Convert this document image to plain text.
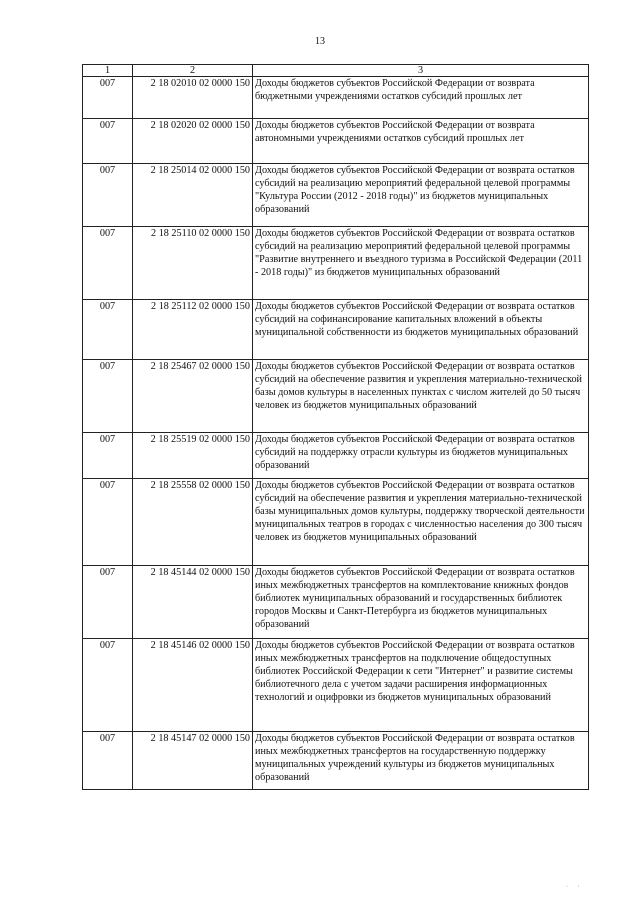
13
1	2	3
007	2 18 02010 02 0000 150	Доходы бюджетов субъектов Российской Федерации от возврата бюджетными учреждениями остатков субсидий прошлых лет
007	2 18 02020 02 0000 150	Доходы бюджетов субъектов Российской Федерации от возврата автономными учреждениями остатков субсидий прошлых лет
007	2 18 25014 02 0000 150	Доходы бюджетов субъектов Российской Федерации от возврата остатков субсидий на реализацию мероприятий федеральной целевой программы "Культура России (2012 - 2018 годы)" из бюджетов муниципальных образований
007	2 18 25110 02 0000 150	Доходы бюджетов субъектов Российской Федерации от возврата остатков субсидий на реализацию мероприятий федеральной целевой программы "Развитие внутреннего и въездного туризма в Российской Федерации (2011 - 2018 годы)" из бюджетов муниципальных образований
007	2 18 25112 02 0000 150	Доходы бюджетов субъектов Российской Федерации от возврата остатков субсидий на софинансирование капитальных вложений в объекты муниципальной собственности из бюджетов муниципальных образований
007	2 18 25467 02 0000 150	Доходы бюджетов субъектов Российской Федерации от возврата остатков субсидий на обеспечение развития и укрепления материально-технической базы домов культуры в населенных пунктах с числом жителей до 50 тысяч человек из бюджетов муниципальных образований
007	2 18 25519 02 0000 150	Доходы бюджетов субъектов Российской Федерации от возврата остатков субсидий на поддержку отрасли культуры из бюджетов муниципальных образований
007	2 18 25558 02 0000 150	Доходы бюджетов субъектов Российской Федерации от возврата остатков субсидий на обеспечение развития и укрепления материально-технической базы муниципальных домов культуры, поддержку творческой деятельности муниципальных театров в городах с численностью населения до 300 тысяч человек из бюджетов муниципальных образований
007	2 18 45144 02 0000 150	Доходы бюджетов субъектов Российской Федерации от возврата остатков иных межбюджетных трансфертов на комплектование книжных фондов библиотек муниципальных образований и государственных библиотек городов Москвы и Санкт-Петербурга из бюджетов муниципальных образований
007	2 18 45146 02 0000 150	Доходы бюджетов субъектов Российской Федерации от возврата остатков иных межбюджетных трансфертов на подключение общедоступных библиотек Российской Федерации к сети "Интернет" и развитие системы библиотечного дела с учетом задачи расширения информационных технологий и оцифровки из бюджетов муниципальных образований
007	2 18 45147 02 0000 150	Доходы бюджетов субъектов Российской Федерации от возврата остатков иных межбюджетных трансфертов на государственную поддержку муниципальных учреждений культуры из бюджетов муниципальных образований
· ·
